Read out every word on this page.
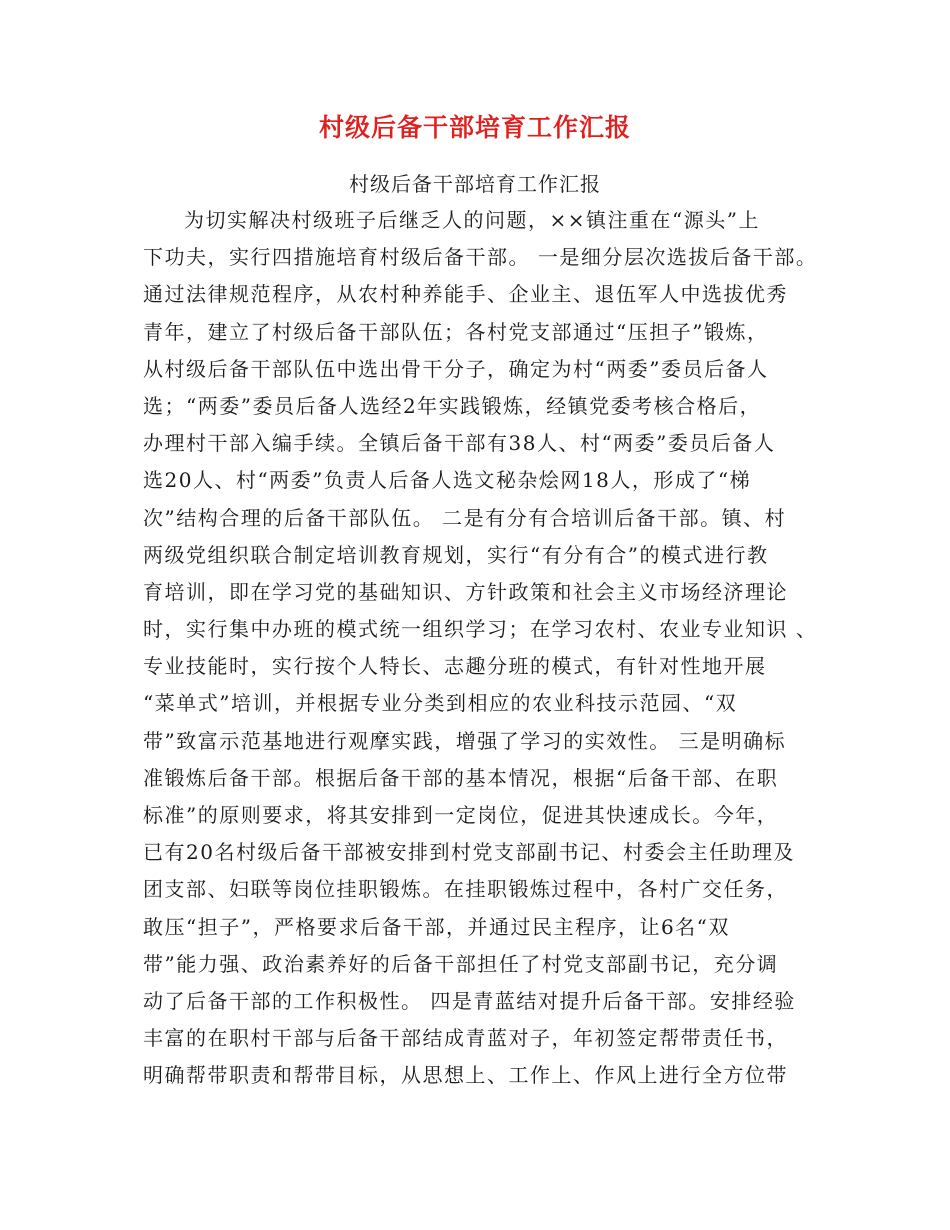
村级后备干部培育工作汇报
村级后备干部培育工作汇报
为切实解决村级班子后继乏人的问题，××镇注重在“源头”上
下功夫，实行四措施培育村级后备干部。 一是细分层次选拔后备干部。
通过法律规范程序，从农村种养能手、企业主、退伍军人中选拔优秀
青年，建立了村级后备干部队伍；各村党支部通过“压担子”锻炼，
从村级后备干部队伍中选出骨干分子，确定为村“两委”委员后备人
选；“两委”委员后备人选经2年实践锻炼，经镇党委考核合格后，
办理村干部入编手续。全镇后备干部有38人、村“两委”委员后备人
选20人、村“两委”负责人后备人选文秘杂烩网18人，形成了“梯
次”结构合理的后备干部队伍。 二是有分有合培训后备干部。镇、村
两级党组织联合制定培训教育规划，实行“有分有合”的模式进行教
育培训，即在学习党的基础知识、方针政策和社会主义市场经济理论
时，实行集中办班的模式统一组织学习；在学习农村、农业专业知识 、
专业技能时，实行按个人特长、志趣分班的模式，有针对性地开展
“菜单式”培训，并根据专业分类到相应的农业科技示范园、“双
带”致富示范基地进行观摩实践，增强了学习的实效性。 三是明确标
准锻炼后备干部。根据后备干部的基本情况，根据“后备干部、在职
标准”的原则要求，将其安排到一定岗位，促进其快速成长。今年，
已有20名村级后备干部被安排到村党支部副书记、村委会主任助理及
团支部、妇联等岗位挂职锻炼。在挂职锻炼过程中，各村广交任务，
敢压“担子”，严格要求后备干部，并通过民主程序，让6名“双
带”能力强、政治素养好的后备干部担任了村党支部副书记，充分调
动了后备干部的工作积极性。 四是青蓝结对提升后备干部。安排经验
丰富的在职村干部与后备干部结成青蓝对子，年初签定帮带责任书，
明确帮带职责和帮带目标，从思想上、工作上、作风上进行全方位带
